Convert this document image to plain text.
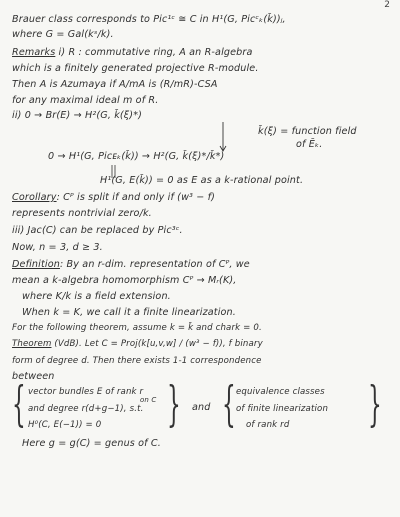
2
Brauer class corresponds to Pic¹ᶜ ≅ C in H¹(G, Picᶜₖ(k̄))ⱼ,
where G = Gal(kˢ/k).
Remarks i) R : commutative ring, A an R-algebra
which is a finitely generated projective R-module.
Then A is Azumaya if A/mA is (R/mR)-CSA
for any maximal ideal m of R.
ii) 0 → Br(E) → H²(G, k̄(ξ)*)
k̄(ξ) = function field
of Ēₖ.
0 → H¹(G, Picᴇₖ(k̄)) → H²(G, k̄(ξ)*/k̄*)
H¹(G, E(k̄)) = 0 as E as a k-rational point.
Corollary: Cᴾ is split if and only if (w³ − f)
represents nontrivial zero/k.
iii) Jac(C) can be replaced by Pic³ᶜ.
Now, n = 3, d ≥ 3.
Definition: By an r-dim. representation of Cᴾ, we
mean a k-algebra homomorphism Cᴾ → Mᵣ(K),
where K/k is a field extension.
When k = K, we call it a finite linearization.
For the following theorem, assume k = k̄ and chark = 0.
Theorem (VdB). Let C = Proj(k[u,v,w] / (w³ − f)), f binary
form of degree d. Then there exists 1-1 correspondence
between
{ vector bundles E of rank r
on C
and degree r(d+g−1), s.t.
H⁰(C, E(−1)) = 0 } and { equivalence classes
of finite linearization
of rank rd }
Here g = g(C) = genus of C.
